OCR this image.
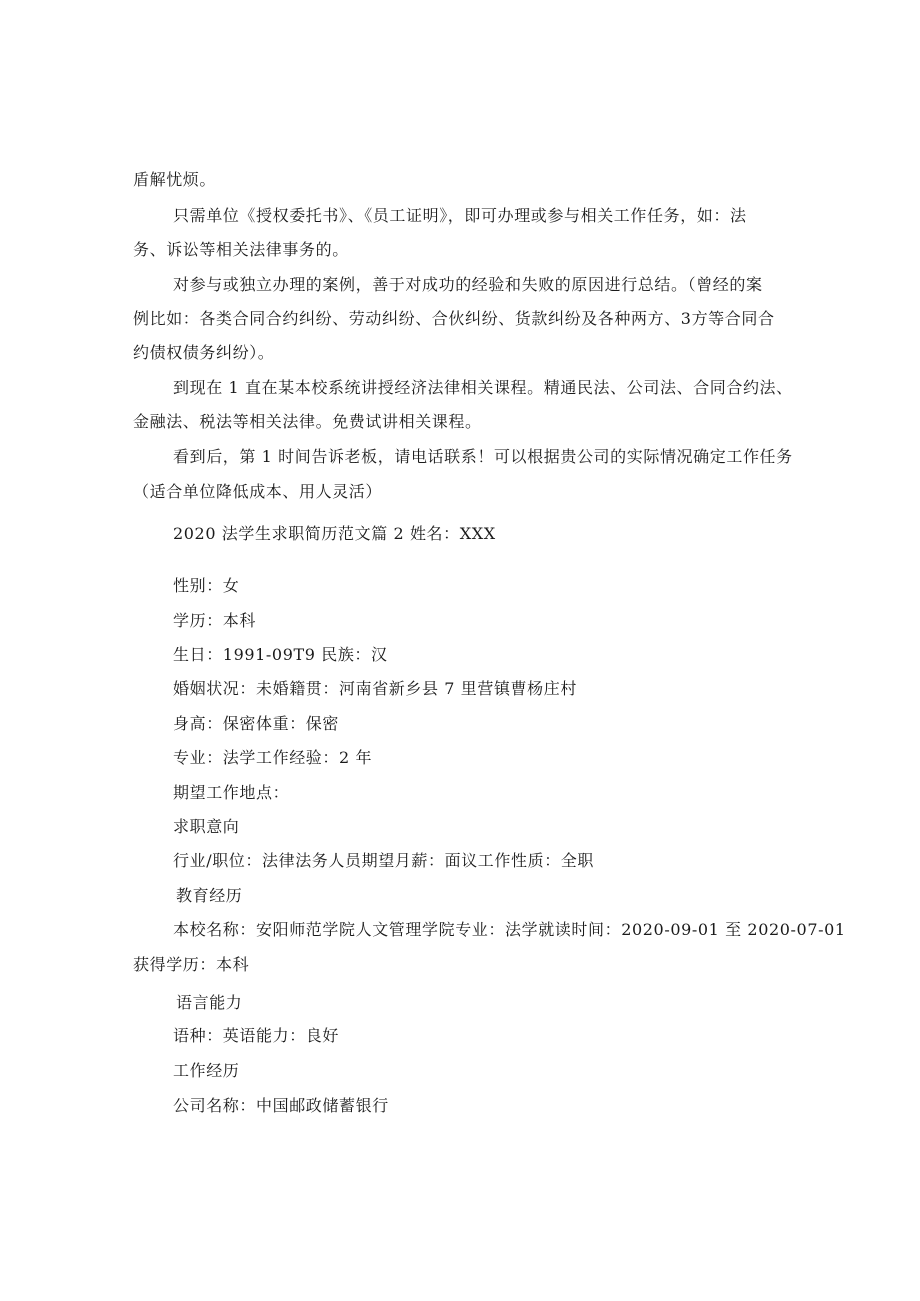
盾解忧烦。
只需单位《授权委托书》、《员工证明》，即可办理或参与相关工作任务，如：法
务、诉讼等相关法律事务的。
对参与或独立办理的案例，善于对成功的经验和失败的原因进行总结。（曾经的案
例比如：各类合同合约纠纷、劳动纠纷、合伙纠纷、货款纠纷及各种两方、3方等合同合
约债权债务纠纷）。
到现在 1 直在某本校系统讲授经济法律相关课程。精通民法、公司法、合同合约法、
金融法、税法等相关法律。免费试讲相关课程。
看到后，第 1 时间告诉老板，请电话联系！可以根据贵公司的实际情况确定工作任务
（适合单位降低成本、用人灵活）
2020 法学生求职简历范文篇 2 姓名：XXX
性别：女
学历：本科
生日：1991-09T9 民族：汉
婚姻状况：未婚籍贯：河南省新乡县 7 里营镇曹杨庄村
身高：保密体重：保密
专业：法学工作经验：2 年
期望工作地点：
求职意向
行业/职位：法律法务人员期望月薪：面议工作性质：全职
教育经历
本校名称：安阳师范学院人文管理学院专业：法学就读时间：2020-09-01 至 2020-07-01
获得学历：本科
语言能力
语种：英语能力：良好
工作经历
公司名称：中国邮政储蓄银行
